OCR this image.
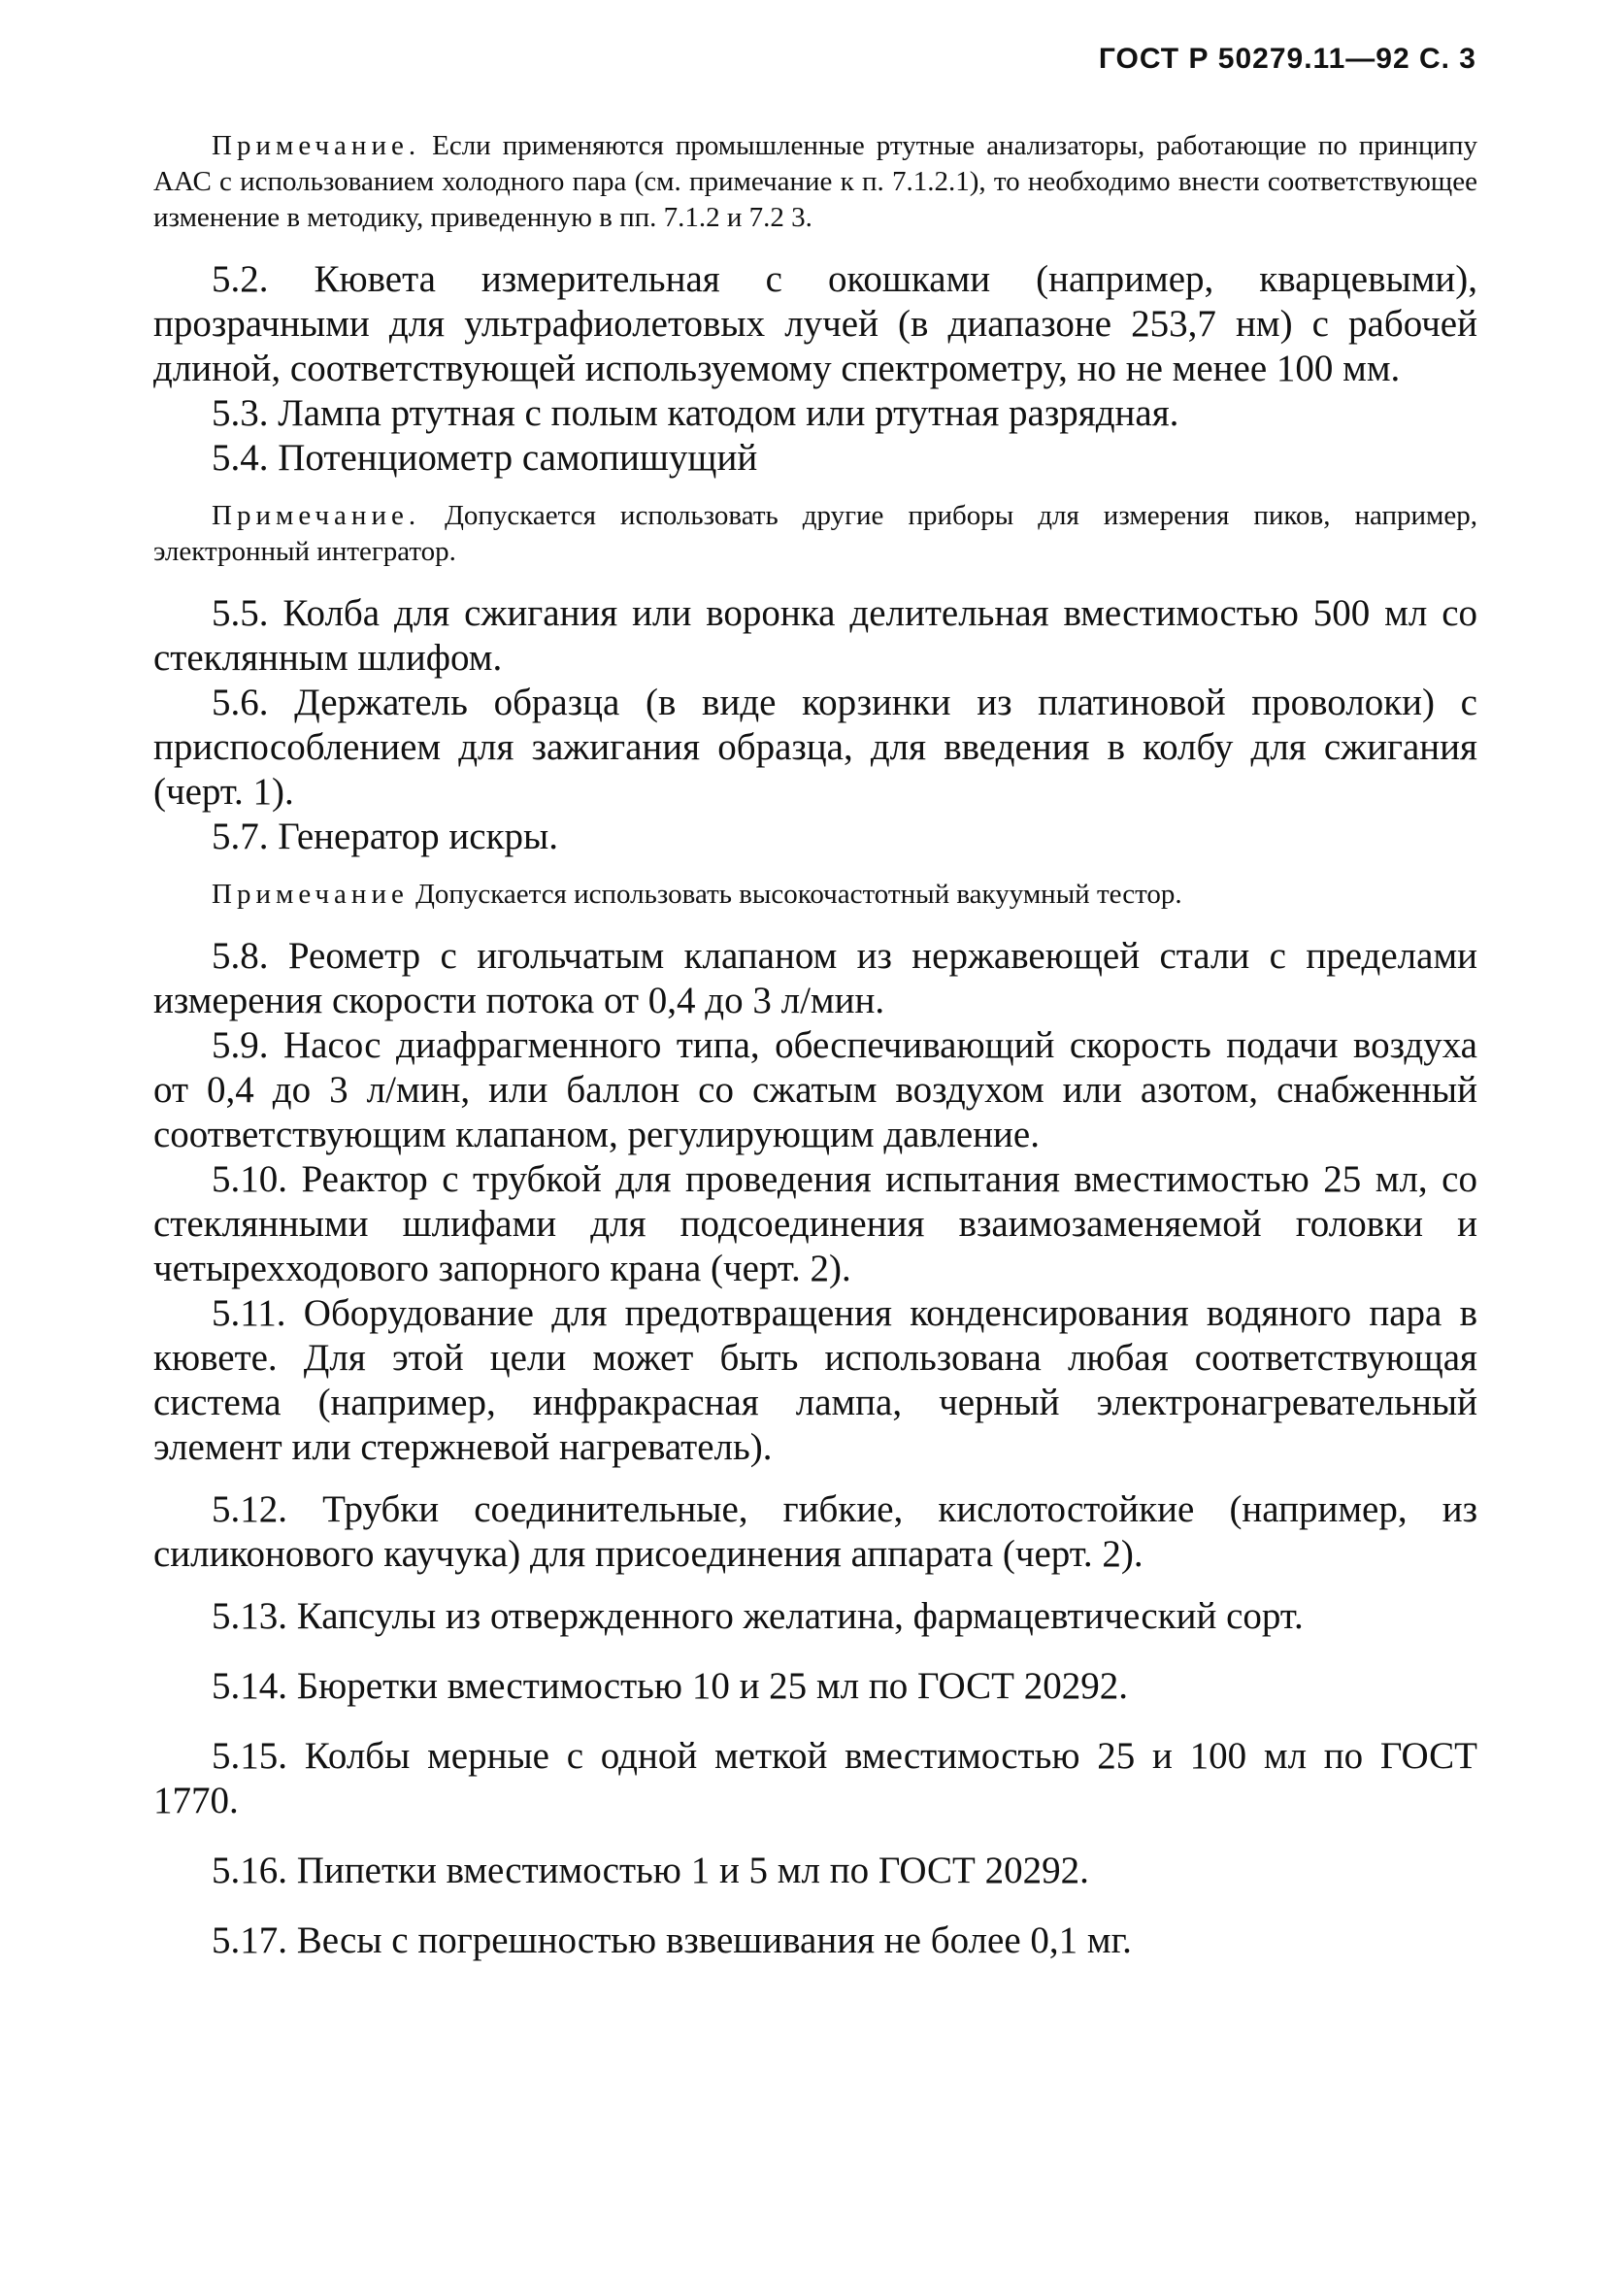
ГОСТ Р 50279.11—92 С. 3

Примечание. Если применяются промышленные ртутные анализаторы, работающие по принципу ААС с использованием холодного пара (см. примечание к п. 7.1.2.1), то необходимо внести соответствующее изменение в методику, приведенную в пп. 7.1.2 и 7.2 3.

5.2. Кювета измерительная с окошками (например, кварцевыми), прозрачными для ультрафиолетовых лучей (в диапазоне 253,7 нм) с рабочей длиной, соответствующей используемому спектрометру, но не менее 100 мм.

5.3. Лампа ртутная с полым катодом или ртутная разрядная.

5.4. Потенциометр самопишущий

Примечание. Допускается использовать другие приборы для измерения пиков, например, электронный интегратор.

5.5. Колба для сжигания или воронка делительная вместимостью 500 мл со стеклянным шлифом.

5.6. Держатель образца (в виде корзинки из платиновой проволоки) с приспособлением для зажигания образца, для введения в колбу для сжигания (черт. 1).

5.7. Генератор искры.

Примечание Допускается использовать высокочастотный вакуумный тестор.

5.8. Реометр с игольчатым клапаном из нержавеющей стали с пределами измерения скорости потока от 0,4 до 3 л/мин.

5.9. Насос диафрагменного типа, обеспечивающий скорость подачи воздуха от 0,4 до 3 л/мин, или баллон со сжатым воздухом или азотом, снабженный соответствующим клапаном, регулирующим давление.

5.10. Реактор с трубкой для проведения испытания вместимостью 25 мл, со стеклянными шлифами для подсоединения взаимозаменяемой головки и четырехходового запорного крана (черт. 2).

5.11. Оборудование для предотвращения конденсирования водяного пара в кювете. Для этой цели может быть использована любая соответствующая система (например, инфракрасная лампа, черный электронагревательный элемент или стержневой нагреватель).

5.12. Трубки соединительные, гибкие, кислотостойкие (например, из силиконового каучука) для присоединения аппарата (черт. 2).

5.13. Капсулы из отвержденного желатина, фармацевтический сорт.

5.14. Бюретки вместимостью 10 и 25 мл по ГОСТ 20292.

5.15. Колбы мерные с одной меткой вместимостью 25 и 100 мл по ГОСТ 1770.

5.16. Пипетки вместимостью 1 и 5 мл по ГОСТ 20292.

5.17. Весы с погрешностью взвешивания не более 0,1 мг.
